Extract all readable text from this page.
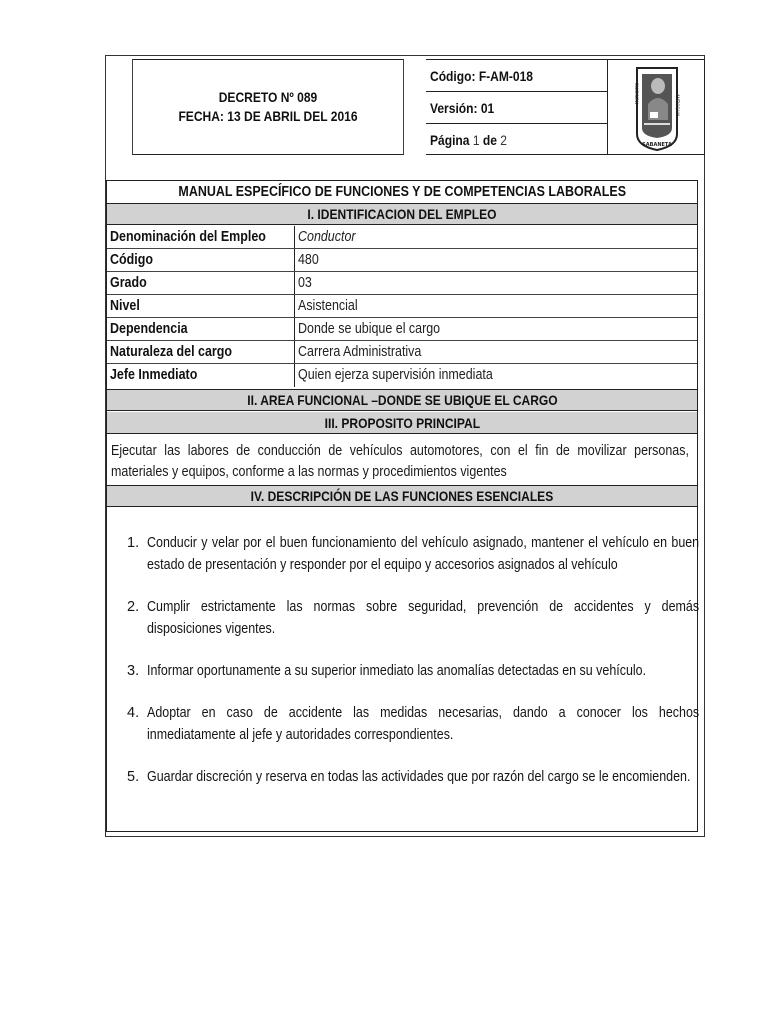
DECRETO Nº 089
FECHA: 13 DE ABRIL DEL 2016
Código: F-AM-018
Versión: 01
Página 1 de 2
MUNICIPIO
ANTIOQUIA
SABANETA
MANUAL ESPECÍFICO DE FUNCIONES Y DE COMPETENCIAS LABORALES
I. IDENTIFICACION DEL EMPLEO
Denominación del Empleo	Conductor
Código	480
Grado	03
Nivel	Asistencial
Dependencia	Donde se ubique el cargo
Naturaleza del cargo	Carrera Administrativa
Jefe Inmediato	Quien ejerza supervisión inmediata
II. AREA FUNCIONAL –DONDE SE UBIQUE EL CARGO
III. PROPOSITO PRINCIPAL
Ejecutar las labores de conducción de vehículos automotores, con el fin de movilizar personas, materiales y equipos, conforme a las normas y procedimientos vigentes
IV. DESCRIPCIÓN DE LAS FUNCIONES ESENCIALES
1. Conducir y velar por el buen funcionamiento del vehículo asignado, mantener el vehículo en buen estado de presentación y responder por el equipo y accesorios asignados al vehículo
2. Cumplir estrictamente las normas sobre seguridad, prevención de accidentes y demás disposiciones vigentes.
3. Informar oportunamente a su superior inmediato las anomalías detectadas en su vehículo.
4. Adoptar en caso de accidente las medidas necesarias, dando a conocer los hechos inmediatamente al jefe y autoridades correspondientes.
5. Guardar discreción y reserva en todas las actividades que por razón del cargo se le encomienden.
